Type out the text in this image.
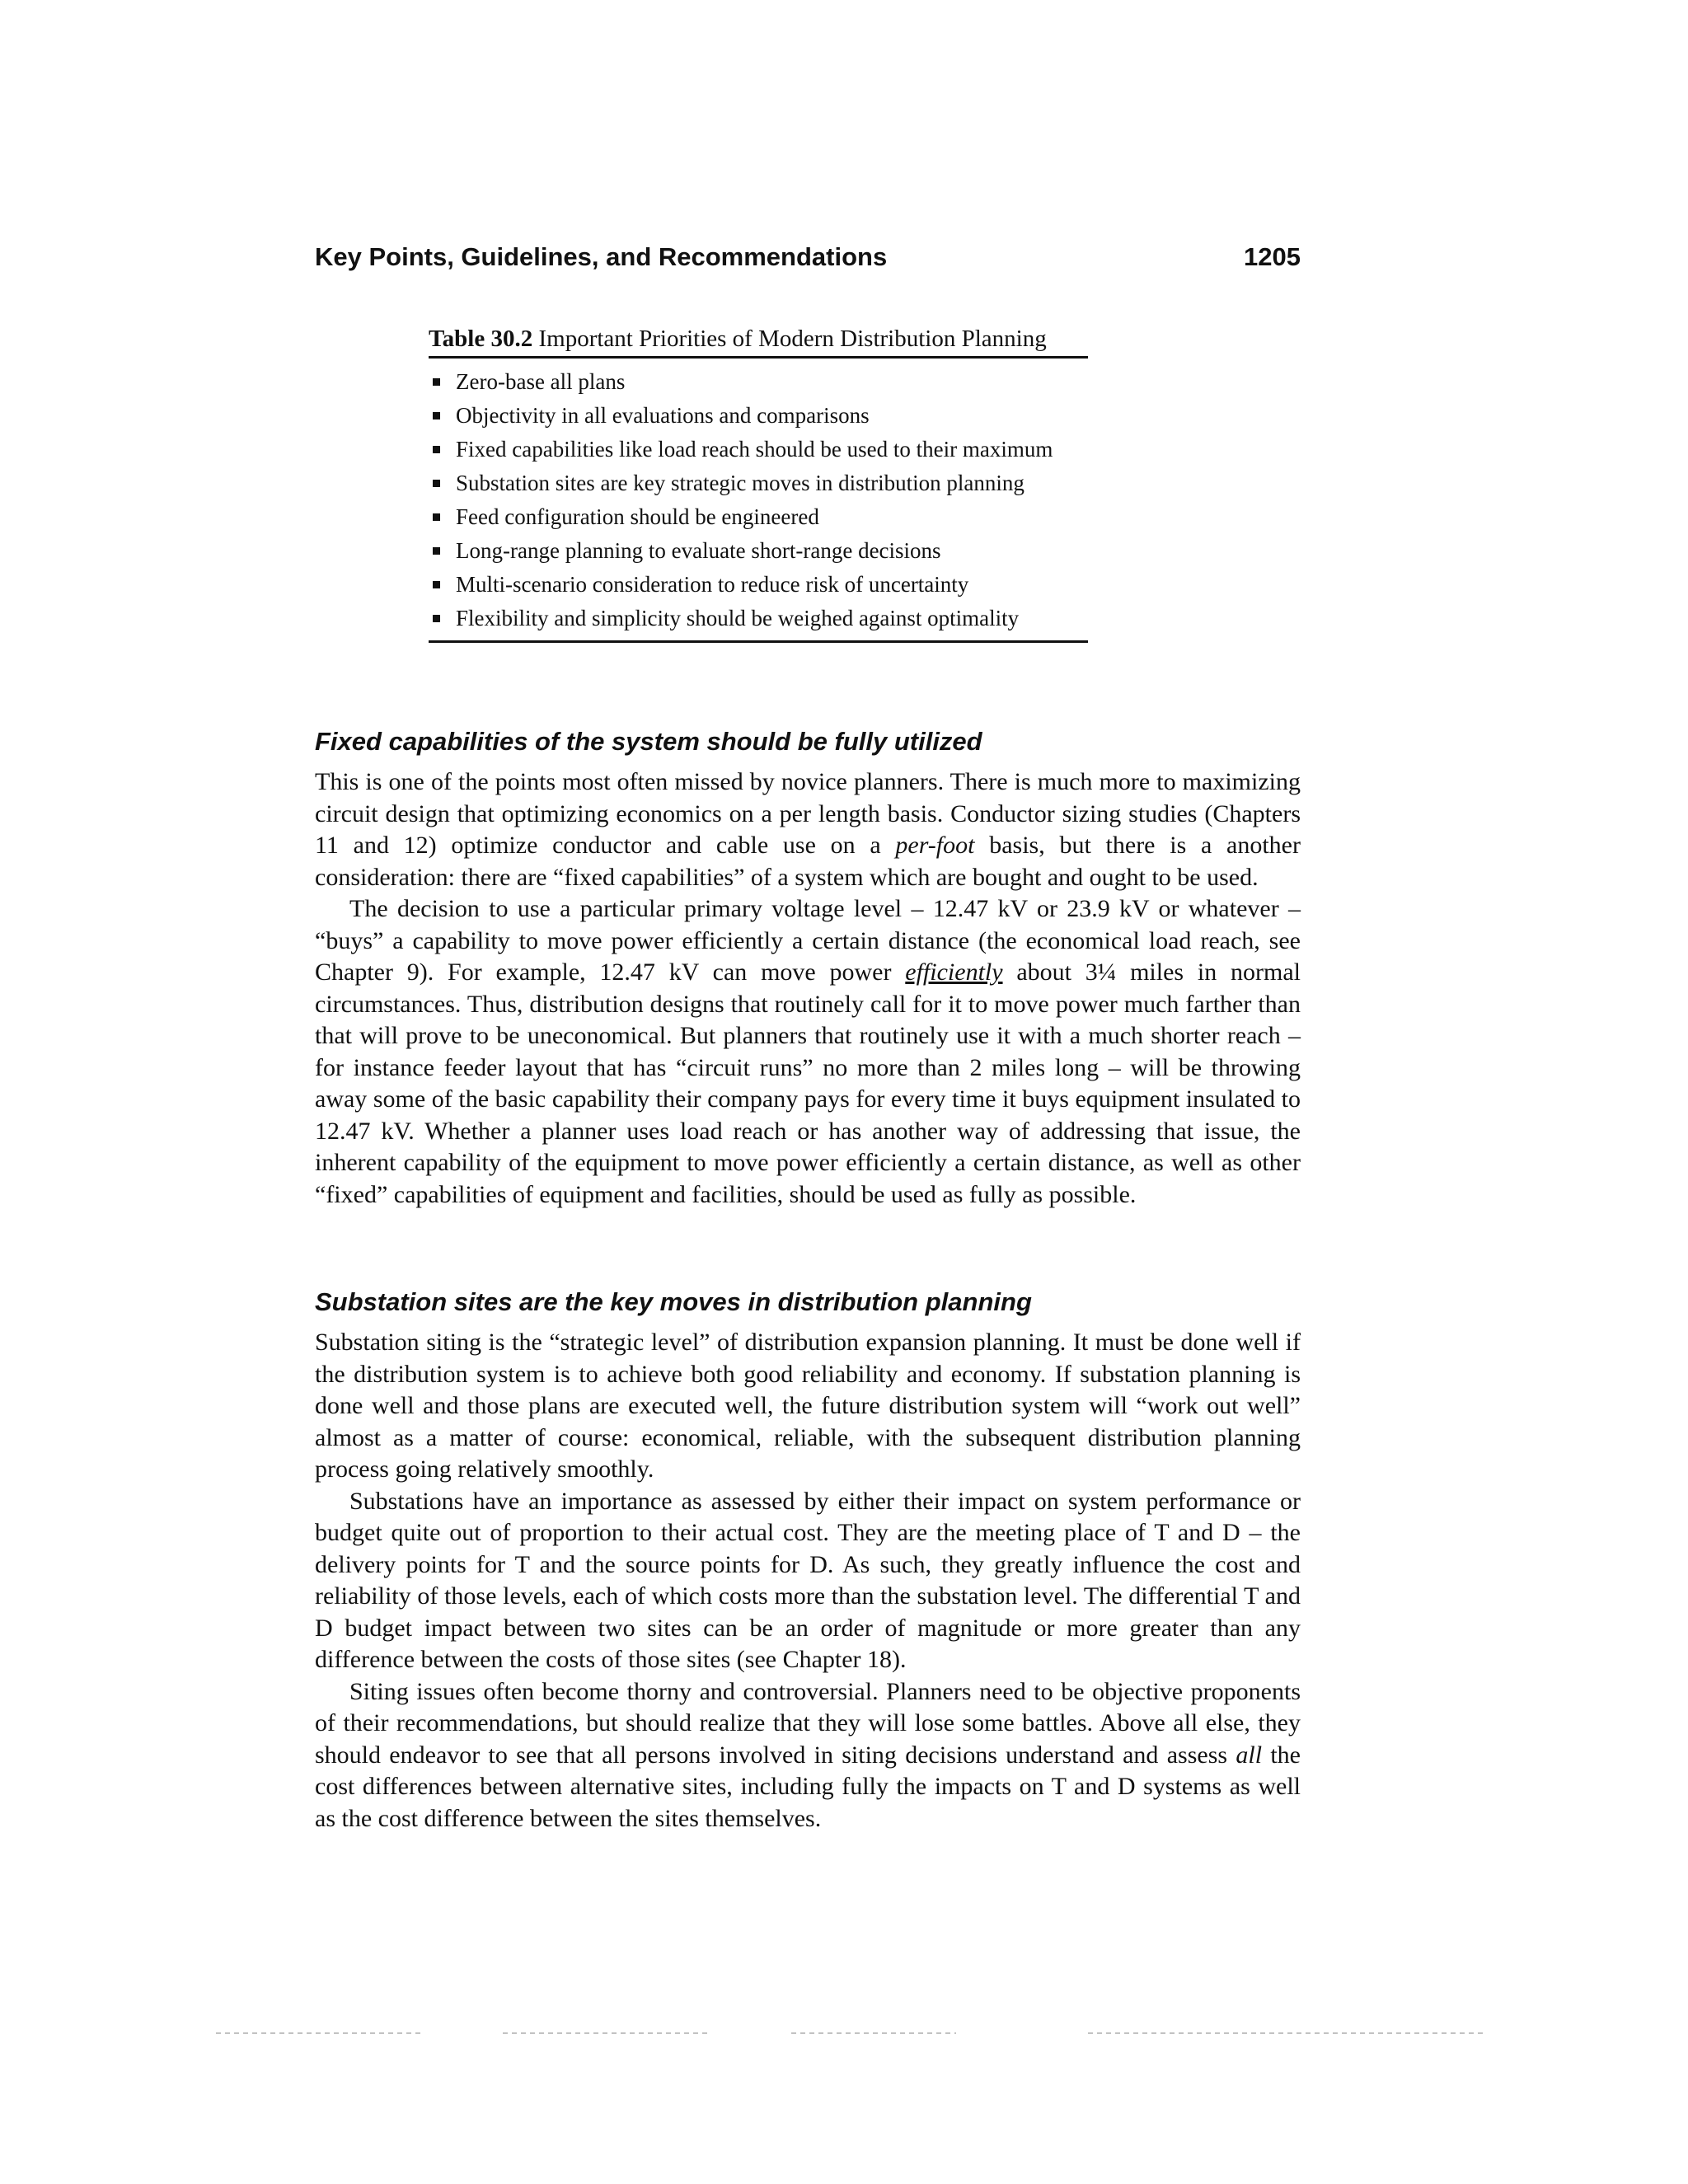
Key Points, Guidelines, and Recommendations	1205

Table 30.2 Important Priorities of Modern Distribution Planning

Zero-base all plans
Objectivity in all evaluations and comparisons
Fixed capabilities like load reach should be used to their maximum
Substation sites are key strategic moves in distribution planning
Feed configuration should be engineered
Long-range planning to evaluate short-range decisions
Multi-scenario consideration to reduce risk of uncertainty
Flexibility and simplicity should be weighed against optimality
Fixed capabilities of the system should be fully utilized

This is one of the points most often missed by novice planners. There is much more to maximizing circuit design that optimizing economics on a per length basis. Conductor sizing studies (Chapters 11 and 12) optimize conductor and cable use on a per-foot basis, but there is a another consideration: there are “fixed capabilities” of a system which are bought and ought to be used.

The decision to use a particular primary voltage level – 12.47 kV or 23.9 kV or whatever – “buys” a capability to move power efficiently a certain distance (the economical load reach, see Chapter 9). For example, 12.47 kV can move power efficiently about 3¼ miles in normal circumstances. Thus, distribution designs that routinely call for it to move power much farther than that will prove to be uneconomical. But planners that routinely use it with a much shorter reach – for instance feeder layout that has “circuit runs” no more than 2 miles long – will be throwing away some of the basic capability their company pays for every time it buys equipment insulated to 12.47 kV. Whether a planner uses load reach or has another way of addressing that issue, the inherent capability of the equipment to move power efficiently a certain distance, as well as other “fixed” capabilities of equipment and facilities, should be used as fully as possible.

Substation sites are the key moves in distribution planning

Substation siting is the “strategic level” of distribution expansion planning. It must be done well if the distribution system is to achieve both good reliability and economy. If substation planning is done well and those plans are executed well, the future distribution system will “work out well” almost as a matter of course: economical, reliable, with the subsequent distribution planning process going relatively smoothly.

Substations have an importance as assessed by either their impact on system performance or budget quite out of proportion to their actual cost. They are the meeting place of T and D – the delivery points for T and the source points for D. As such, they greatly influence the cost and reliability of those levels, each of which costs more than the substation level. The differential T and D budget impact between two sites can be an order of magnitude or more greater than any difference between the costs of those sites (see Chapter 18).

Siting issues often become thorny and controversial. Planners need to be objective proponents of their recommendations, but should realize that they will lose some battles. Above all else, they should endeavor to see that all persons involved in siting decisions understand and assess all the cost differences between alternative sites, including fully the impacts on T and D systems as well as the cost difference between the sites themselves.
